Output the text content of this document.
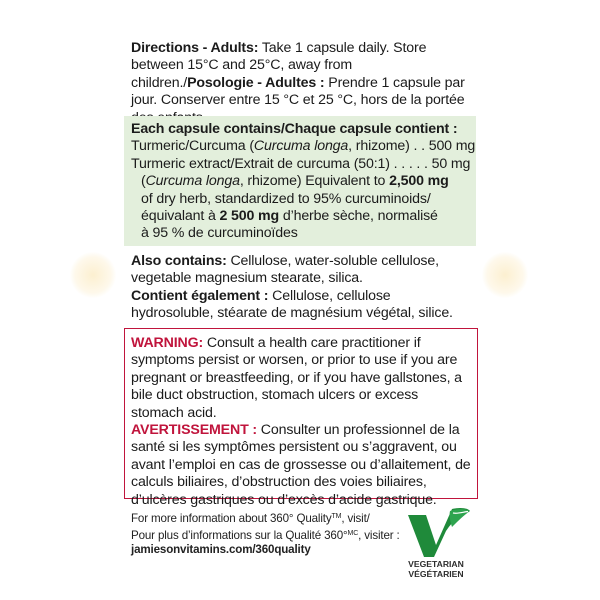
Directions - Adults: Take 1 capsule daily. Store between 15°C and 25°C, away from children./Posologie - Adultes : Prendre 1 capsule par jour. Conserver entre 15 °C et 25 °C, hors de la portée
Each capsule contains/Chaque capsule contient :
Turmeric/Curcuma (Curcuma longa, rhizome) . . 500 mg
Turmeric extract/Extrait de curcuma (50:1) . . . . . 50 mg
(Curcuma longa, rhizome) Equivalent to 2,500 mg
of dry herb, standardized to 95% curcuminoids/
équivalant à 2 500 mg d’herbe sèche, normalisé
à 95 % de curcuminoïdes
Also contains: Cellulose, water-soluble cellulose, vegetable magnesium stearate, silica.
Contient également : Cellulose, cellulose hydrosoluble, stéarate de magnésium végétal, silice.
WARNING: Consult a health care practitioner if symptoms persist or worsen, or prior to use if you are pregnant or breastfeeding, or if you have gallstones, a bile duct obstruction, stomach ulcers or excess stomach acid.
AVERTISSEMENT : Consulter un professionnel de la santé si les symptômes persistent ou s’aggravent, ou avant l’emploi en cas de grossesse ou d’allaitement, de calculs biliaires, d’obstruction des voies biliaires, d’ulcères gastriques ou d’excès d’acide gastrique.
For more information about 360° Quality™, visit/
Pour plus d’informations sur la Qualité 360°$^{MC}$, visiter :
jamiesonvitamins.com/360quality
VEGETARIAN
VÉGÉTARIEN
